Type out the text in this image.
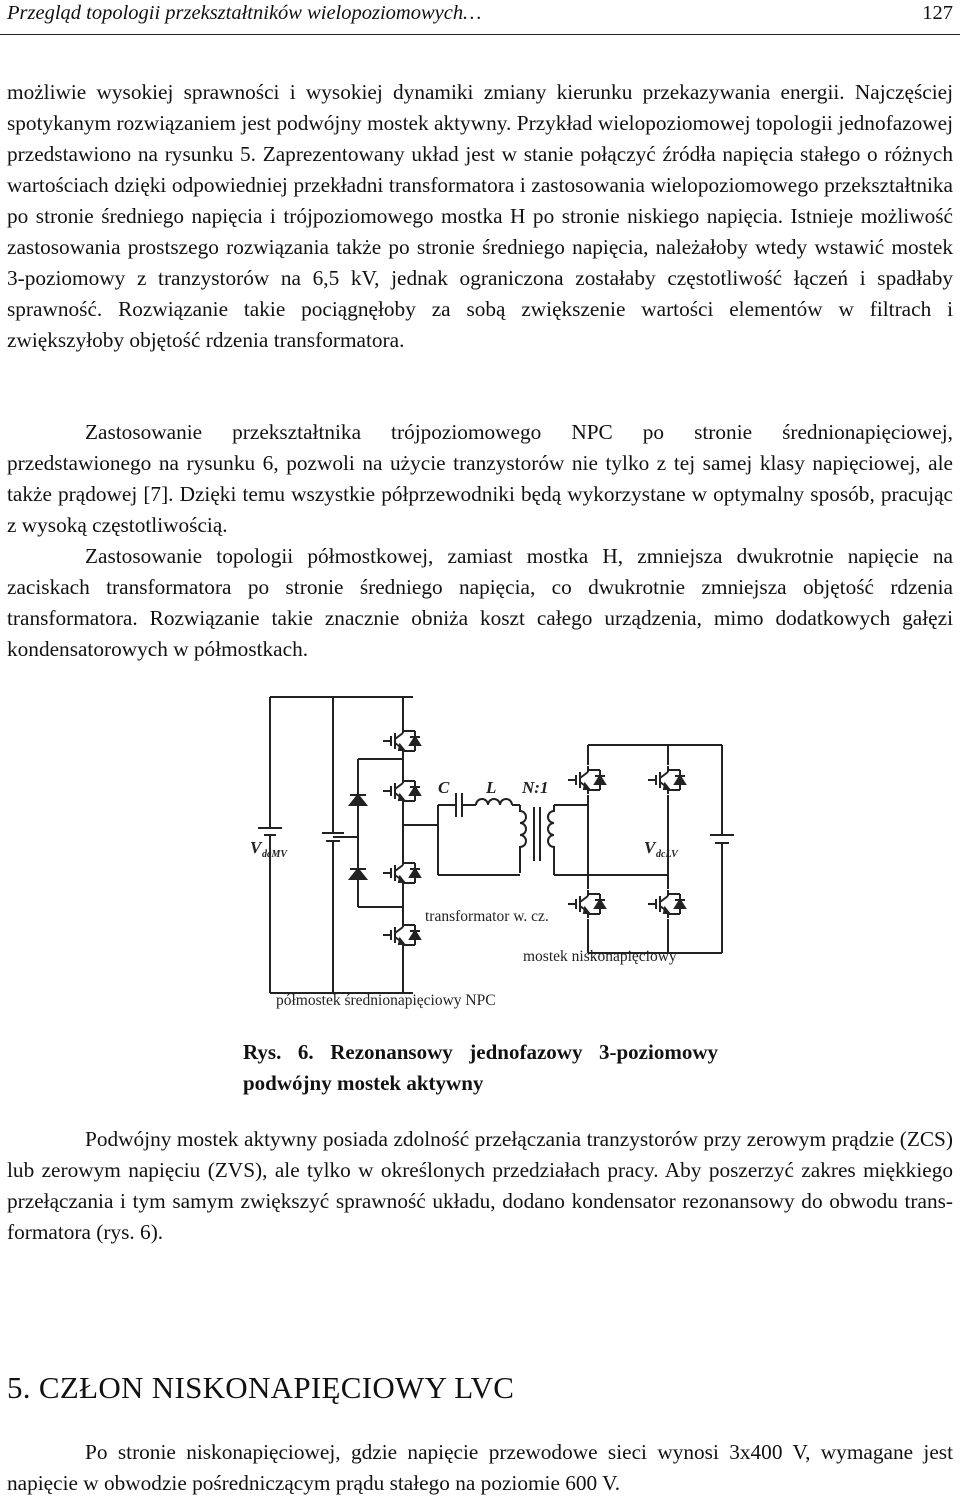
Przegląd topologii przekształtników wielopoziomowych…	127

możliwie wysokiej sprawności i wysokiej dynamiki zmiany kierunku przekazywania energii. Najczęściej spotykanym rozwiązaniem jest podwójny mostek aktywny. Przykład wielopoziomowej topologii jednofazowej przedstawiono na rysunku 5. Zaprezentowany układ jest w stanie połączyć źródła napięcia stałego o różnych wartościach dzięki odpowiedniej przekładni transformatora i zastosowania wielopoziomowego przekształtnika po stronie średniego napięcia i trójpoziomowego mostka H po stronie niskiego napięcia. Istnieje możliwość zastosowania prostszego rozwiązania także po stronie średniego napięcia, należałoby wtedy wstawić mostek 3-poziomowy z tranzystorów na 6,5 kV, jednak ograniczona zostałaby częstotliwość łączeń i spadłaby sprawność. Rozwiązanie takie pociągnęłoby za sobą zwiększenie wartości elementów w filtrach i zwiększyłoby objętość rdzenia transformatora.

Zastosowanie przekształtnika trójpoziomowego NPC po stronie średnionapięciowej, przedstawionego na rysunku 6, pozwoli na użycie tranzystorów nie tylko z tej samej klasy napięciowej, ale także prądowej [7]. Dzięki temu wszystkie półprzewodniki będą wykorzystane w optymalny sposób, pracując z wysoką częstotliwością.

Zastosowanie topologii półmostkowej, zamiast mostka H, zmniejsza dwukrotnie napięcie na zaciskach transformatora po stronie średniego napięcia, co dwukrotnie zmniejsza objętość rdzenia transformatora. Rozwiązanie takie znacznie obniża koszt całego urządzenia, mimo dodatkowych gałęzi kondensatorowych w półmostkach.

V dcMV	V dcLV
C L N:1
transformator w. cz.
mostek niskonapięciowy
półmostek średnionapięciowy NPC

Rys. 6. Rezonansowy jednofazowy 3-poziomowy podwójny mostek aktywny

Podwójny mostek aktywny posiada zdolność przełączania tranzystorów przy zerowym prądzie (ZCS) lub zerowym napięciu (ZVS), ale tylko w określonych przedziałach pracy. Aby poszerzyć zakres miękkiego przełączania i tym samym zwiększyć sprawność układu, dodano kondensator rezonansowy do obwodu transformatora (rys. 6).

5. CZŁON NISKONAPIĘCIOWY LVC

Po stronie niskonapięciowej, gdzie napięcie przewodowe sieci wynosi 3x400 V, wymagane jest napięcie w obwodzie pośredniczącym prądu stałego na poziomie 600 V.
